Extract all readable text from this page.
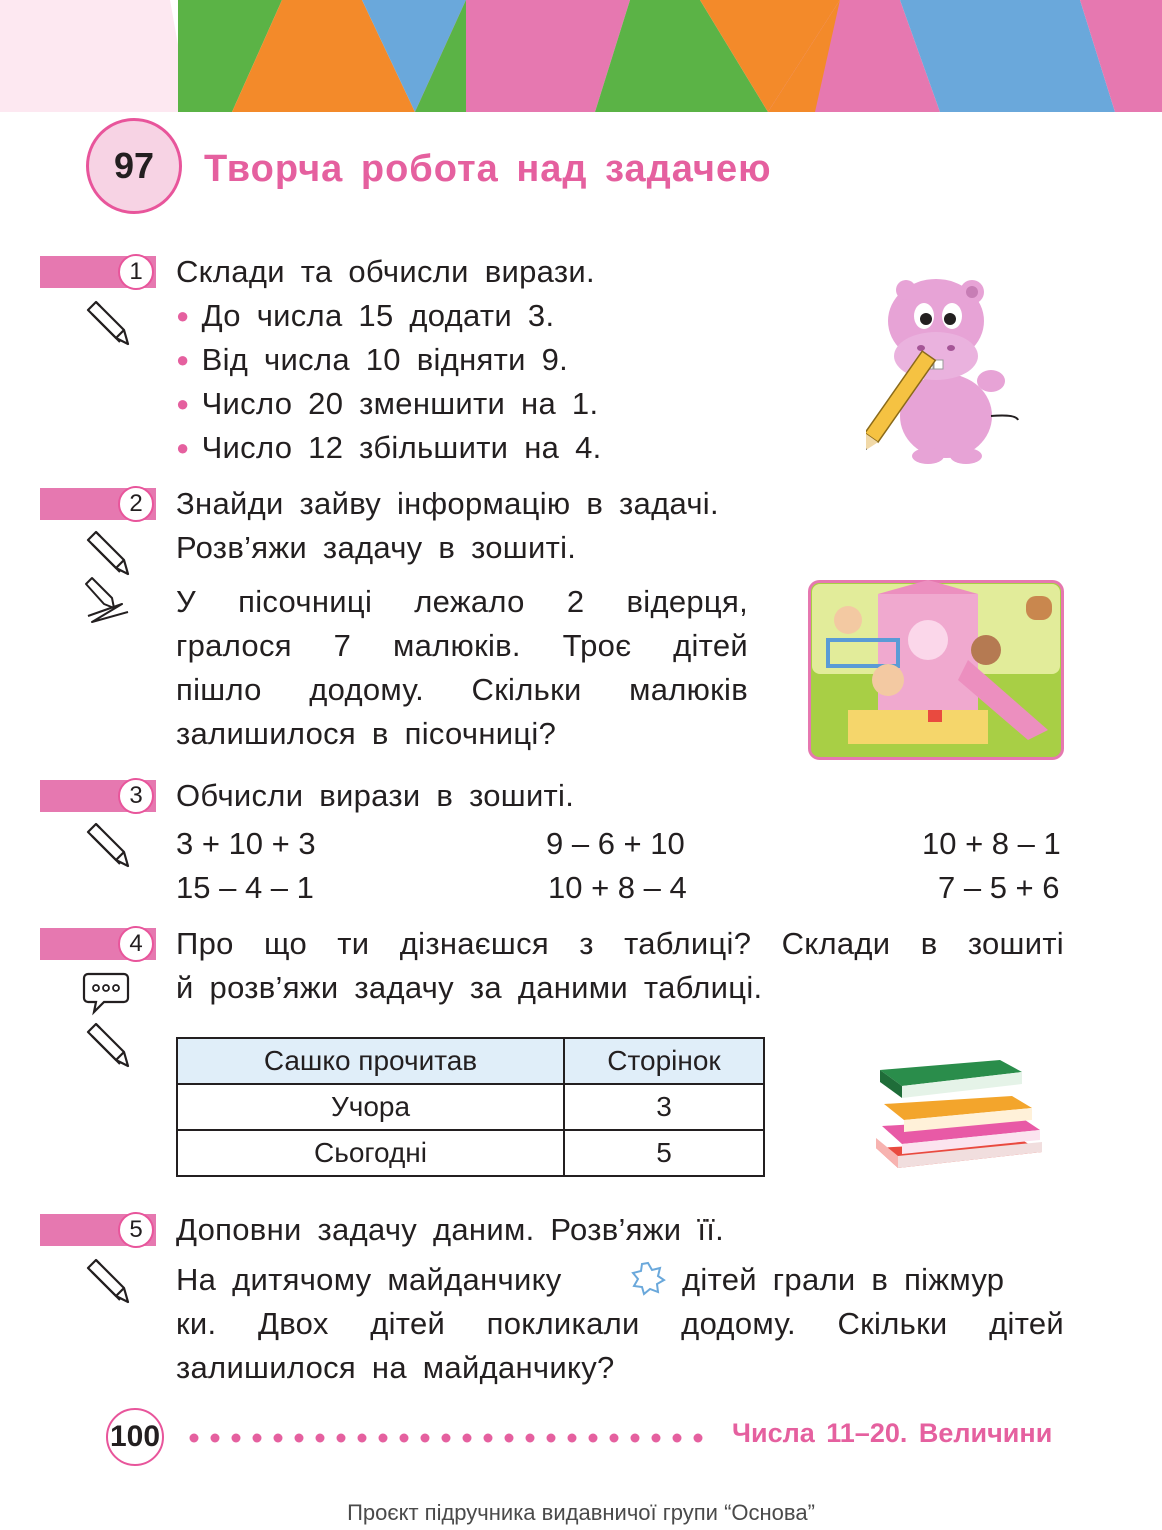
97 Творча робота над задачею
1	Склади та обчисли вирази.
● До числа 15 додати 3.
● Від числа 10 відняти 9.
● Число 20 зменшити на 1.
● Число 12 збільшити на 4.
2	Знайди зайву інформацію в задачі.
Розв’яжи задачу в зошиті.
У пісочниці лежало 2 відерця,
гралося 7 малюків. Троє дітей
пішло додому. Скільки малюків
залишилося в пісочниці?
3	Обчисли вирази в зошиті.
3 + 10 + 3	9 – 6 + 10	10 + 8 – 1
15 – 4 – 1	10 + 8 – 4	7 – 5 + 6
4	Про що ти дізнаєшся з таблиці? Склади в зошиті
й розв’яжи задачу за даними таблиці.
Сашко прочитав	Сторінок
Учора	3
Сьогодні	5
5	Доповни задачу даним. Розв’яжи її.
На дитячому майданчику	дітей грали в піжмур
ки. Двох дітей покликали додому. Скільки дітей
залишилося на майданчику?
100	Числа 11–20. Величини
Проєкт підручника видавничої групи “Основа”
